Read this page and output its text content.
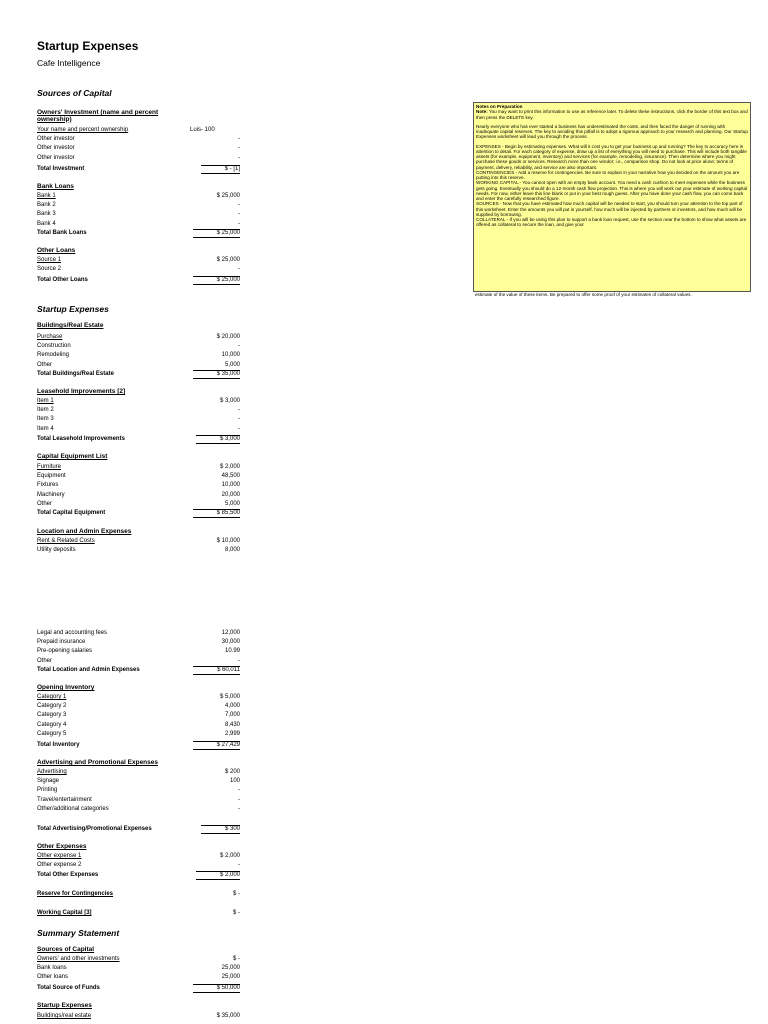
Startup Expenses
Cafe Intelligence
Sources of Capital
Owners' Investment (name and percent ownership)
Your name and percent ownership	Luis- 100
Other investor	-
Other investor	-
Other investor	-
Total Investment	$ - [1]
Bank Loans
Bank 1	$ 25,000
Bank 2	-
Bank 3	-
Bank 4	-
Total Bank Loans	$ 25,000
Other Loans
Source 1	$ 25,000
Source 2	-
Total Other Loans	$ 25,000
Startup Expenses
Buildings/Real Estate
Purchase	$ 20,000
Construction	-
Remodeling	10,000
Other	5,000
Total Buildings/Real Estate	$ 35,000
Leasehold Improvements [2]
Item 1	$ 3,000
Item 2	-
Item 3	-
Item 4	-
Total Leasehold Improvements	$ 3,000
Capital Equipment List
Furniture	$ 2,000
Equipment	48,500
Fixtures	10,000
Machinery	20,000
Other	5,000
Total Capital Equipment	$ 85,500
Location and Admin Expenses
Rent & Related Costs	$ 10,000
Utility deposits	8,000
Legal and accounting fees	12,000
Prepaid insurance	30,000
Pre-opening salaries	10.99
Other	-
Total Location and Admin Expenses	$ 60,011
Opening Inventory
Category 1	$ 5,000
Category 2	4,000
Category 3	7,000
Category 4	8,430
Category 5	2,999
Total Inventory	$ 27,429
Advertising and Promotional Expenses
Advertising	$ 200
Signage	100
Printing	-
Travel/entertainment	-
Other/additional categories	-
Total Advertising/Promotional Expenses	$ 300
Other Expenses
Other expense 1	$ 2,000
Other expense 2	-
Total Other Expenses	$ 2,000
Reserve for Contingencies	$ -
Working Capital [3]	$ -
Summary Statement
Sources of Capital
Owners' and other investments	$ -
Bank loans	25,000
Other loans	25,000
Total Source of Funds	$ 50,000
Startup Expenses
Buildings/real estate	$ 35,000
Notes on Preparation

Note: You may want to print this information to use as reference later. To delete these instructions, click the border of this text box and then press the DELETE key.

Nearly everyone who has ever started a business has underestimated the costs, and then faced the danger of running with inadequate capital reserves. The key to avoiding this pitfall is to adopt a rigorous approach to your research and planning. Our Startup Expenses worksheet will lead you through the process.

EXPENSES - Begin by estimating expenses. What will it cost you to get your business up and running? The key to accuracy here is attention to detail. For each category of expense, draw up a list of everything you will need to purchase. This will include both tangible assets (for example, equipment, inventory) and services (for example, remodeling, insurance). Then determine where you might purchase these goods or services. Research more than one vendor; i.e., comparison shop. Do not look at price alone; terms of payment, delivery, reliability, and service are also important.

CONTINGENCIES - Add a reserve for contingencies. Be sure to explain in your narrative how you decided on the amount you are putting into this reserve.

WORKING CAPITAL - You cannot open with an empty bank account. You need a cash cushion to meet expenses while the business gets going. Eventually you should do a 12-month cash flow projection. This is where you will work out your estimate of working capital needs. For now, either leave this line blank or put in your best rough guess. After you have done your cash flow, you can come back and enter the carefully researched figure.

SOURCES - Now that you have estimated how much capital will be needed to start, you should turn your attention to the top part of this worksheet. Enter the amounts you will put in yourself, how much will be injected by partners or investors, and how much will be supplied by borrowing.

COLLATERAL - If you will be using this plan to support a bank loan request, use the section near the bottom to show what assets are offered as collateral to secure the loan, and give your

estimate of the value of these items. Be prepared to offer some proof of your estimates of collateral values.
